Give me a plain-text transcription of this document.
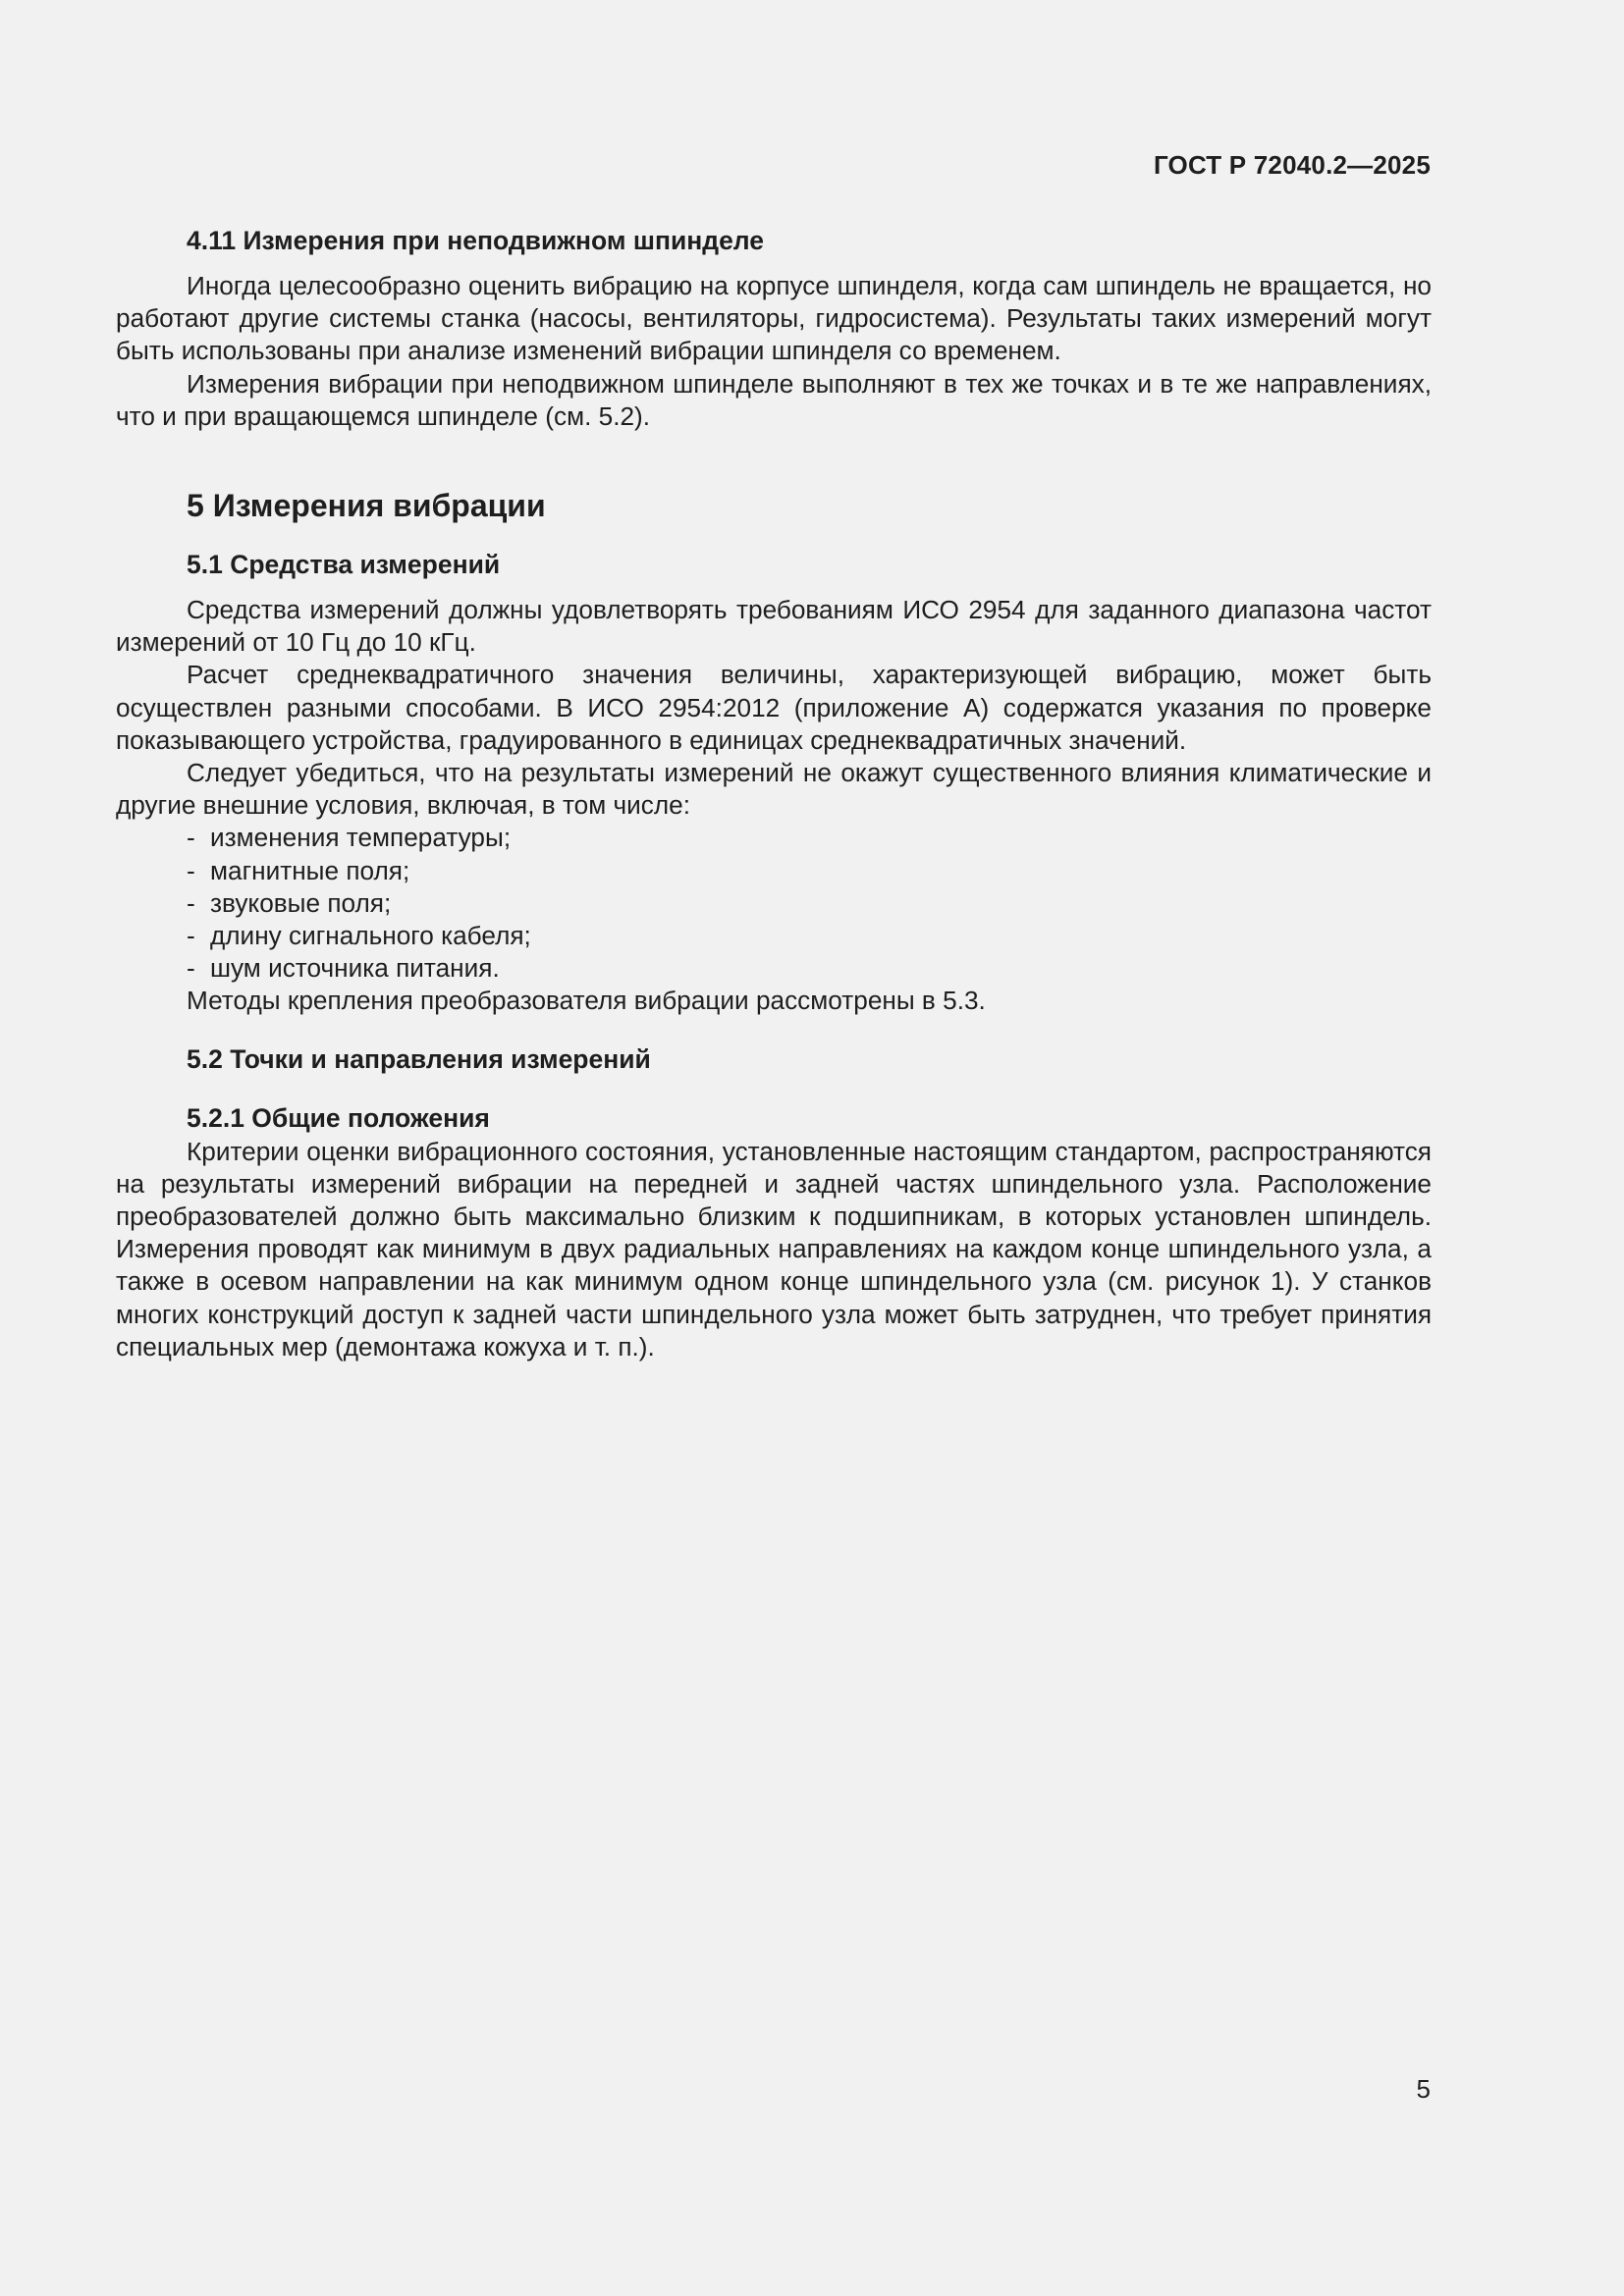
ГОСТ Р 72040.2—2025
4.11 Измерения при неподвижном шпинделе

Иногда целесообразно оценить вибрацию на корпусе шпинделя, когда сам шпиндель не вращается, но работают другие системы станка (насосы, вентиляторы, гидросистема). Результаты таких измерений могут быть использованы при анализе изменений вибрации шпинделя со временем.

Измерения вибрации при неподвижном шпинделе выполняют в тех же точках и в те же направлениях, что и при вращающемся шпинделе (см. 5.2).

5 Измерения вибрации
5.1 Средства измерений

Средства измерений должны удовлетворять требованиям ИСО 2954 для заданного диапазона частот измерений от 10 Гц до 10 кГц.

Расчет среднеквадратичного значения величины, характеризующей вибрацию, может быть осуществлен разными способами. В ИСО 2954:2012 (приложение А) содержатся указания по проверке показывающего устройства, градуированного в единицах среднеквадратичных значений.

Следует убедиться, что на результаты измерений не окажут существенного влияния климатические и другие внешние условия, включая, в том числе:

- изменения температуры;
- магнитные поля;
- звуковые поля;
- длину сигнального кабеля;
- шум источника питания.

Методы крепления преобразователя вибрации рассмотрены в 5.3.

5.2 Точки и направления измерений
5.2.1 Общие положения

Критерии оценки вибрационного состояния, установленные настоящим стандартом, распространяются на результаты измерений вибрации на передней и задней частях шпиндельного узла. Расположение преобразователей должно быть максимально близким к подшипникам, в которых установлен шпиндель. Измерения проводят как минимум в двух радиальных направлениях на каждом конце шпиндельного узла, а также в осевом направлении на как минимум одном конце шпиндельного узла (см. рисунок 1). У станков многих конструкций доступ к задней части шпиндельного узла может быть затруднен, что требует принятия специальных мер (демонтажа кожуха и т. п.).

5
